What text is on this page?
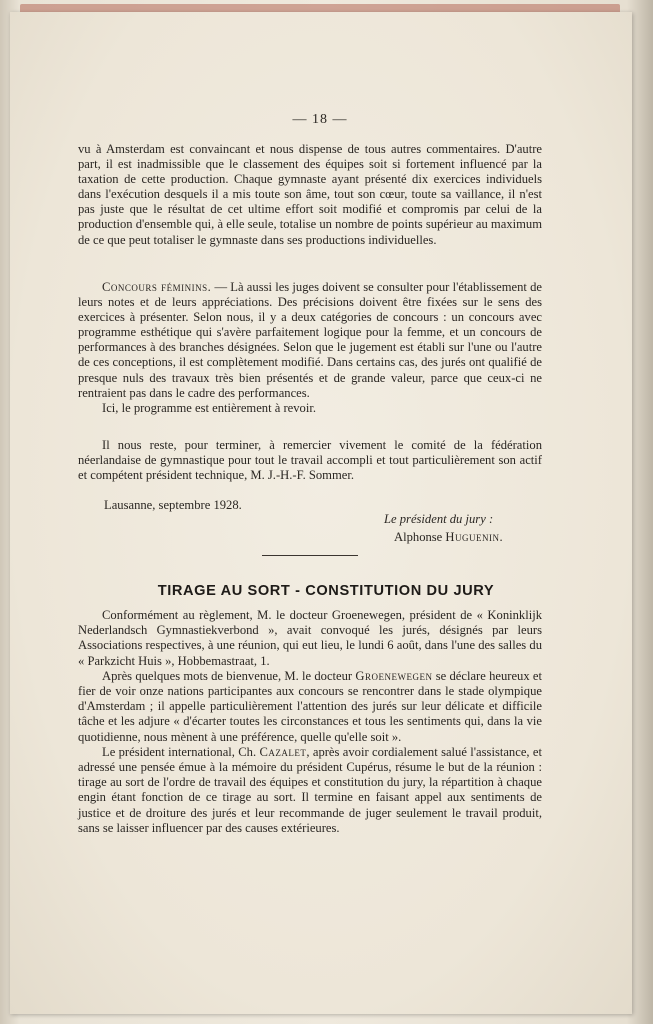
— 18 —

vu à Amsterdam est convaincant et nous dispense de tous autres commentaires. D'autre part, il est inadmissible que le classement des équipes soit si fortement influencé par la taxation de cette production. Chaque gymnaste ayant présenté dix exercices individuels dans l'exécution desquels il a mis toute son âme, tout son cœur, toute sa vaillance, il n'est pas juste que le résultat de cet ultime effort soit modifié et compromis par celui de la production d'ensemble qui, à elle seule, totalise un nombre de points supérieur au maximum de ce que peut totaliser le gymnaste dans ses productions individuelles.

Concours féminins. — Là aussi les juges doivent se consulter pour l'établissement de leurs notes et de leurs appréciations. Des précisions doivent être fixées sur le sens des exercices à présenter. Selon nous, il y a deux catégories de concours : un concours avec programme esthétique qui s'avère parfaitement logique pour la femme, et un concours de performances à des branches désignées. Selon que le jugement est établi sur l'une ou l'autre de ces conceptions, il est complètement modifié. Dans certains cas, des jurés ont qualifié de presque nuls des travaux très bien présentés et de grande valeur, parce que ceux-ci ne rentraient pas dans le cadre des performances.
Ici, le programme est entièrement à revoir.

Il nous reste, pour terminer, à remercier vivement le comité de la fédération néerlandaise de gymnastique pour tout le travail accompli et tout particulièrement son actif et compétent président technique, M. J.-H.-F. Sommer.

Lausanne, septembre 1928.
Le président du jury :
Alphonse Huguenin.
TIRAGE AU SORT - CONSTITUTION DU JURY

Conformément au règlement, M. le docteur Groenewegen, président de « Koninklijk Nederlandsch Gymnastiekverbond », avait convoqué les jurés, désignés par leurs Associations respectives, à une réunion, qui eut lieu, le lundi 6 août, dans l'une des salles du « Parkzicht Huis », Hobbemastraat, 1.

Après quelques mots de bienvenue, M. le docteur Groenewegen se déclare heureux et fier de voir onze nations participantes aux concours se rencontrer dans le stade olympique d'Amsterdam ; il appelle particulièrement l'attention des jurés sur leur délicate et difficile tâche et les adjure « d'écarter toutes les circonstances et tous les sentiments qui, dans la vie quotidienne, nous mènent à une préférence, quelle qu'elle soit ».

Le président international, Ch. Cazalet, après avoir cordialement salué l'assistance, et adressé une pensée émue à la mémoire du président Cupérus, résume le but de la réunion : tirage au sort de l'ordre de travail des équipes et constitution du jury, la répartition à chaque engin étant fonction de ce tirage au sort. Il termine en faisant appel aux sentiments de justice et de droiture des jurés et leur recommande de juger seulement le travail produit, sans se laisser influencer par des causes extérieures.
